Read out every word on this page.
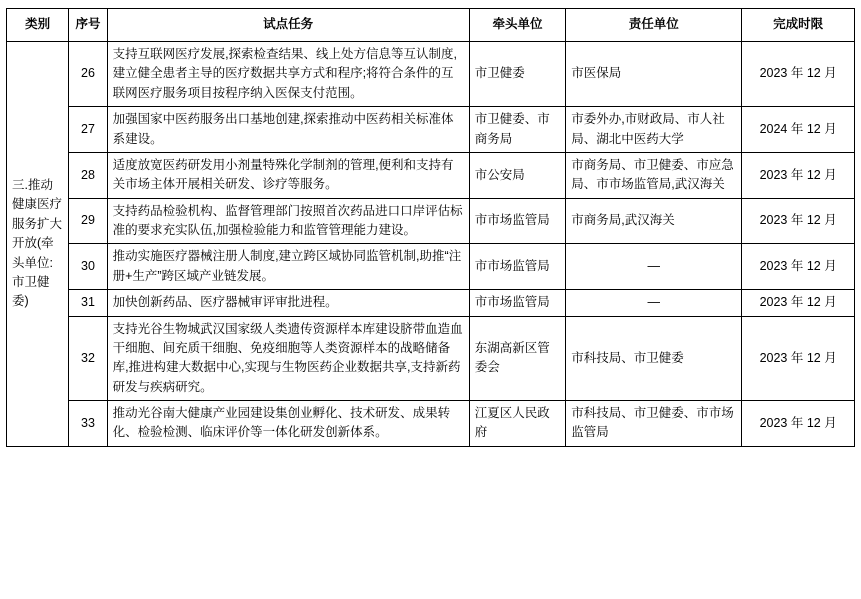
类别	序号	试点任务	牵头单位	责任单位	完成时限
三.推动健康医疗服务扩大开放(牵头单位:市卫健委)	26	支持互联网医疗发展,探索检查结果、线上处方信息等互认制度,建立健全患者主导的医疗数据共享方式和程序;将符合条件的互联网医疗服务项目按程序纳入医保支付范围。	市卫健委	市医保局	2023 年 12 月
	27	加强国家中医药服务出口基地创建,探索推动中医药相关标准体系建设。	市卫健委、市商务局	市委外办,市财政局、市人社局、湖北中医药大学	2024 年 12 月
	28	适度放宽医药研发用小剂量特殊化学制剂的管理,便利和支持有关市场主体开展相关研发、诊疗等服务。	市公安局	市商务局、市卫健委、市应急局、市市场监管局,武汉海关	2023 年 12 月
	29	支持药品检验机构、监督管理部门按照首次药品进口口岸评估标准的要求充实队伍,加强检验能力和监管管理能力建设。	市市场监管局	市商务局,武汉海关	2023 年 12 月
	30	推动实施医疗器械注册人制度,建立跨区域协同监管机制,助推“注册+生产”跨区域产业链发展。	市市场监管局	—	2023 年 12 月
	31	加快创新药品、医疗器械审评审批进程。	市市场监管局	—	2023 年 12 月
	32	支持光谷生物城武汉国家级人类遗传资源样本库建设脐带血造血干细胞、间充质干细胞、免疫细胞等人类资源样本的战略储备库,推进构建大数据中心,实现与生物医药企业数据共享,支持新药研发与疾病研究。	东湖高新区管委会	市科技局、市卫健委	2023 年 12 月
	33	推动光谷南大健康产业园建设集创业孵化、技术研发、成果转化、检验检测、临床评价等一体化研发创新体系。	江夏区人民政府	市科技局、市卫健委、市市场监管局	2023 年 12 月
